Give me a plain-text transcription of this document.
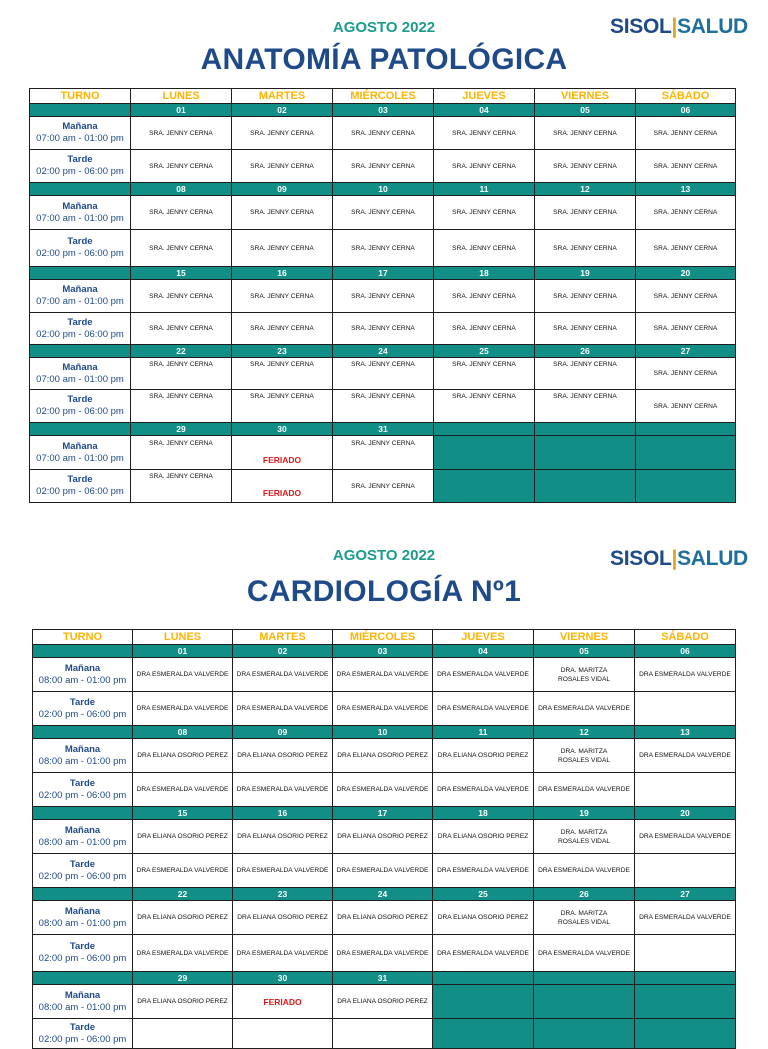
AGOSTO 2022	SISOL|SALUD
ANATOMÍA PATOLÓGICA
TURNO	LUNES	MARTES	MIÉRCOLES	JUEVES	VIERNES	SÁBADO
	01	02	03	04	05	06

Mañana
07:00 am - 01:00 pm	SRA. JENNY CERNA	SRA. JENNY CERNA	SRA. JENNY CERNA	SRA. JENNY CERNA	SRA. JENNY CERNA	SRA. JENNY CERNA

Tarde
02:00 pm - 06:00 pm	SRA. JENNY CERNA	SRA. JENNY CERNA	SRA. JENNY CERNA	SRA. JENNY CERNA	SRA. JENNY CERNA	SRA. JENNY CERNA
	08	09	10	11	12	13

Mañana
07:00 am - 01:00 pm	SRA. JENNY CERNA	SRA. JENNY CERNA	SRA. JENNY CERNA	SRA. JENNY CERNA	SRA. JENNY CERNA	SRA. JENNY CERNA

Tarde
02:00 pm - 06:00 pm	SRA. JENNY CERNA	SRA. JENNY CERNA	SRA. JENNY CERNA	SRA. JENNY CERNA	SRA. JENNY CERNA	SRA. JENNY CERNA
	15	16	17	18	19	20

Mañana
07:00 am - 01:00 pm	SRA. JENNY CERNA	SRA. JENNY CERNA	SRA. JENNY CERNA	SRA. JENNY CERNA	SRA. JENNY CERNA	SRA. JENNY CERNA

Tarde
02:00 pm - 06:00 pm	SRA. JENNY CERNA	SRA. JENNY CERNA	SRA. JENNY CERNA	SRA. JENNY CERNA	SRA. JENNY CERNA	SRA. JENNY CERNA
	22	23	24	25	26	27

Mañana
07:00 am - 01:00 pm	SRA. JENNY CERNA	SRA. JENNY CERNA	SRA. JENNY CERNA	SRA. JENNY CERNA	SRA. JENNY CERNA	SRA. JENNY CERNA

Tarde
02:00 pm - 06:00 pm	SRA. JENNY CERNA	SRA. JENNY CERNA	SRA. JENNY CERNA	SRA. JENNY CERNA	SRA. JENNY CERNA	SRA. JENNY CERNA
	29	30	31			

Mañana
07:00 am - 01:00 pm	SRA. JENNY CERNA	FERIADO	SRA. JENNY CERNA			

Tarde
02:00 pm - 06:00 pm	SRA. JENNY CERNA	FERIADO	SRA. JENNY CERNA			
AGOSTO 2022	SISOL|SALUD
CARDIOLOGÍA Nº1
TURNO	LUNES	MARTES	MIÉRCOLES	JUEVES	VIERNES	SÁBADO
	01	02	03	04	05	06

Mañana
08:00 am - 01:00 pm	DRA ESMERALDA VALVERDE	DRA ESMERALDA VALVERDE	DRA ESMERALDA VALVERDE	DRA ESMERALDA VALVERDE	DRA. MARITZA ROSALES VIDAL	DRA ESMERALDA VALVERDE

Tarde
02:00 pm - 06:00 pm	DRA ESMERALDA VALVERDE	DRA ESMERALDA VALVERDE	DRA ESMERALDA VALVERDE	DRA ESMERALDA VALVERDE	DRA ESMERALDA VALVERDE	
	08	09	10	11	12	13

Mañana
08:00 am - 01:00 pm	DRA ELIANA OSORIO PEREZ	DRA ELIANA OSORIO PEREZ	DRA ELIANA OSORIO PEREZ	DRA ELIANA OSORIO PEREZ	DRA. MARITZA ROSALES VIDAL	DRA ESMERALDA VALVERDE

Tarde
02:00 pm - 06:00 pm	DRA ESMERALDA VALVERDE	DRA ESMERALDA VALVERDE	DRA ESMERALDA VALVERDE	DRA ESMERALDA VALVERDE	DRA ESMERALDA VALVERDE	
	15	16	17	18	19	20

Mañana
08:00 am - 01:00 pm	DRA ELIANA OSORIO PEREZ	DRA ELIANA OSORIO PEREZ	DRA ELIANA OSORIO PEREZ	DRA ELIANA OSORIO PEREZ	DRA. MARITZA ROSALES VIDAL	DRA ESMERALDA VALVERDE

Tarde
02:00 pm - 06:00 pm	DRA ESMERALDA VALVERDE	DRA ESMERALDA VALVERDE	DRA ESMERALDA VALVERDE	DRA ESMERALDA VALVERDE	DRA ESMERALDA VALVERDE	
	22	23	24	25	26	27

Mañana
08:00 am - 01:00 pm	DRA ELIANA OSORIO PEREZ	DRA ELIANA OSORIO PEREZ	DRA ELIANA OSORIO PEREZ	DRA ELIANA OSORIO PEREZ	DRA. MARITZA ROSALES VIDAL	DRA ESMERALDA VALVERDE

Tarde
02:00 pm - 06:00 pm	DRA ESMERALDA VALVERDE	DRA ESMERALDA VALVERDE	DRA ESMERALDA VALVERDE	DRA ESMERALDA VALVERDE	DRA ESMERALDA VALVERDE	
	29	30	31			

Mañana
08:00 am - 01:00 pm	DRA ELIANA OSORIO PEREZ	FERIADO	DRA ELIANA OSORIO PEREZ			

Tarde
02:00 pm - 06:00 pm						
